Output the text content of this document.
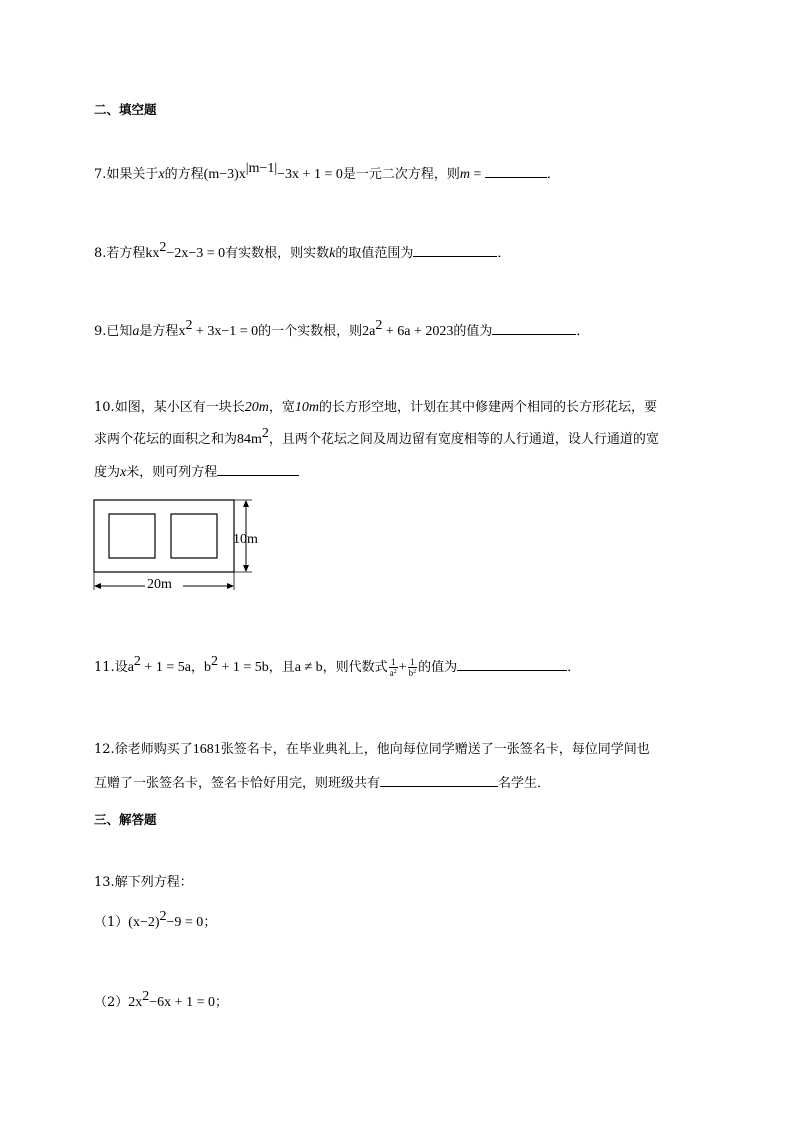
二、填空题
7.如果关于x的方程$(m-3)x^{|m-1|}-3x + 1 = 0$是一元二次方程，则m =	．
8.若方程$kx^2-2x-3 = 0$有实数根，则实数k的取值范围为	．
9.已知a是方程$x^2 + 3x-1 = 0$的一个实数根，则$2a^2 + 6a + 2023$的值为	．
10.如图，某小区有一块长20m，宽10m的长方形空地，计划在其中修建两个相同的长方形花坛，要
求两个花坛的面积之和为$84m^2$，且两个花坛之间及周边留有宽度相等的人行通道，设人行通道的宽
度为x米，则可列方程
10m
20m
11.设$a^2 + 1 = 5a$，$b^2 + 1 = 5b$，且a ≠ b，则代数式 $\frac{1}{a^2} + \frac{1}{b^2}$ 的值为	．
12.徐老师购买了1681张签名卡，在毕业典礼上，他向每位同学赠送了一张签名卡，每位同学间也
互赠了一张签名卡，签名卡恰好用完，则班级共有	名学生．
三、解答题
13.解下列方程：
$(1)(x-2)^2-9 = 0$；
$(2)2x^2-6x + 1 = 0$；
